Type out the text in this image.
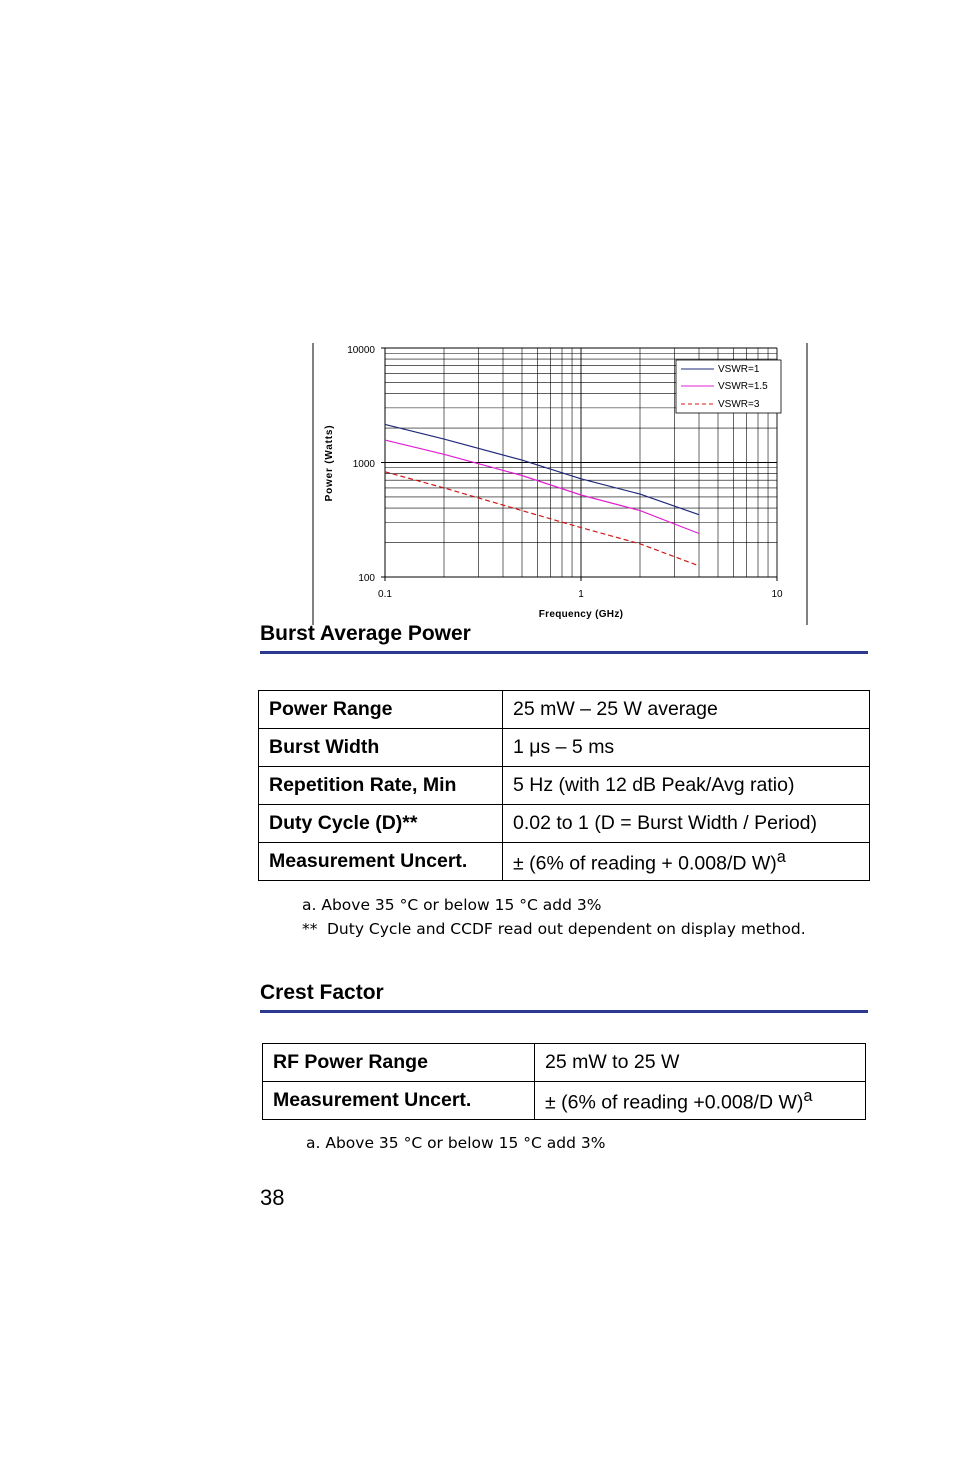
10000
1000
100
0.1	1	10
Frequency (GHz)
Power (Watts)
VSWR=1
VSWR=1.5
VSWR=3
Burst Average Power
Power Range	25 mW – 25 W average
Burst Width	1 μs – 5 ms
Repetition Rate, Min	5 Hz (with 12 dB Peak/Avg ratio)
Duty Cycle (D)**	0.02 to 1 (D = Burst Width / Period)
Measurement Uncert.	± (6% of reading + 0.008/D W)$^a$
a. Above 35 °C or below 15 °C add 3%
** Duty Cycle and CCDF read out dependent on display method.
Crest Factor
RF Power Range	25 mW to 25 W
Measurement Uncert.	± (6% of reading +0.008/D W)$^a$
a. Above 35 °C or below 15 °C add 3%
38
